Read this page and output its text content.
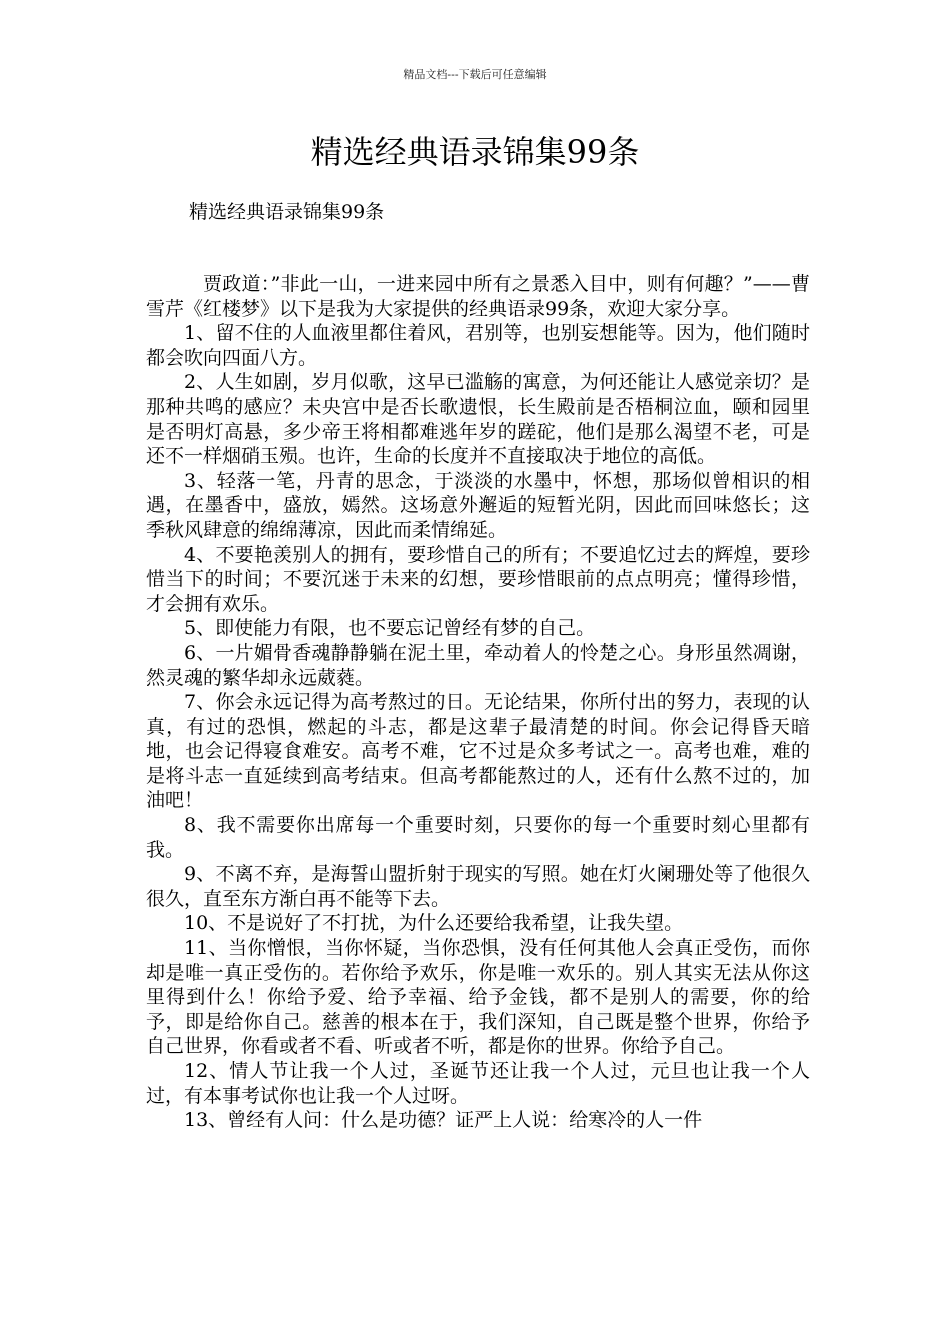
精品文档---下载后可任意编辑
精选经典语录锦集99条

精选经典语录锦集99条

贾政道：”非此一山，一进来园中所有之景悉入目中，则有何趣？”——曹雪芹《红楼梦》以下是我为大家提供的经典语录99条，欢迎大家分享。

1、留不住的人血液里都住着风，君别等，也别妄想能等。因为，他们随时都会吹向四面八方。

2、人生如剧，岁月似歌，这早已滥觞的寓意，为何还能让人感觉亲切？是那种共鸣的感应？未央宫中是否长歌遗恨，长生殿前是否梧桐泣血，颐和园里是否明灯高悬，多少帝王将相都难逃年岁的蹉砣，他们是那么渴望不老，可是还不一样烟硝玉殒。也许，生命的长度并不直接取决于地位的高低。

3、轻落一笔，丹青的思念，于淡淡的水墨中，怀想，那场似曾相识的相遇，在墨香中，盛放，嫣然。这场意外邂逅的短暂光阴，因此而回味悠长；这季秋风肆意的绵绵薄凉，因此而柔情绵延。

4、不要艳羡别人的拥有，要珍惜自己的所有；不要追忆过去的辉煌，要珍惜当下的时间；不要沉迷于未来的幻想，要珍惜眼前的点点明亮；懂得珍惜，才会拥有欢乐。

5、即使能力有限，也不要忘记曾经有梦的自己。

6、一片媚骨香魂静静躺在泥土里，牵动着人的怜楚之心。身形虽然凋谢，然灵魂的繁华却永远葳蕤。

7、你会永远记得为高考熬过的日。无论结果，你所付出的努力，表现的认真，有过的恐惧，燃起的斗志，都是这辈子最清楚的时间。你会记得昏天暗地，也会记得寝食难安。高考不难，它不过是众多考试之一。高考也难，难的是将斗志一直延续到高考结束。但高考都能熬过的人，还有什么熬不过的，加油吧！

8、我不需要你出席每一个重要时刻，只要你的每一个重要时刻心里都有我。

9、不离不弃，是海誓山盟折射于现实的写照。她在灯火阑珊处等了他很久很久，直至东方渐白再不能等下去。

10、不是说好了不打扰，为什么还要给我希望，让我失望。

11、当你憎恨，当你怀疑，当你恐惧，没有任何其他人会真正受伤，而你却是唯一真正受伤的。若你给予欢乐，你是唯一欢乐的。别人其实无法从你这里得到什么！你给予爱、给予幸福、给予金钱，都不是别人的需要，你的给予，即是给你自己。慈善的根本在于，我们深知，自己既是整个世界，你给予自己世界，你看或者不看、听或者不听，都是你的世界。你给予自己。

12、情人节让我一个人过，圣诞节还让我一个人过，元旦也让我一个人过，有本事考试你也让我一个人过呀。

13、曾经有人问：什么是功德？证严上人说：给寒冷的人一件
